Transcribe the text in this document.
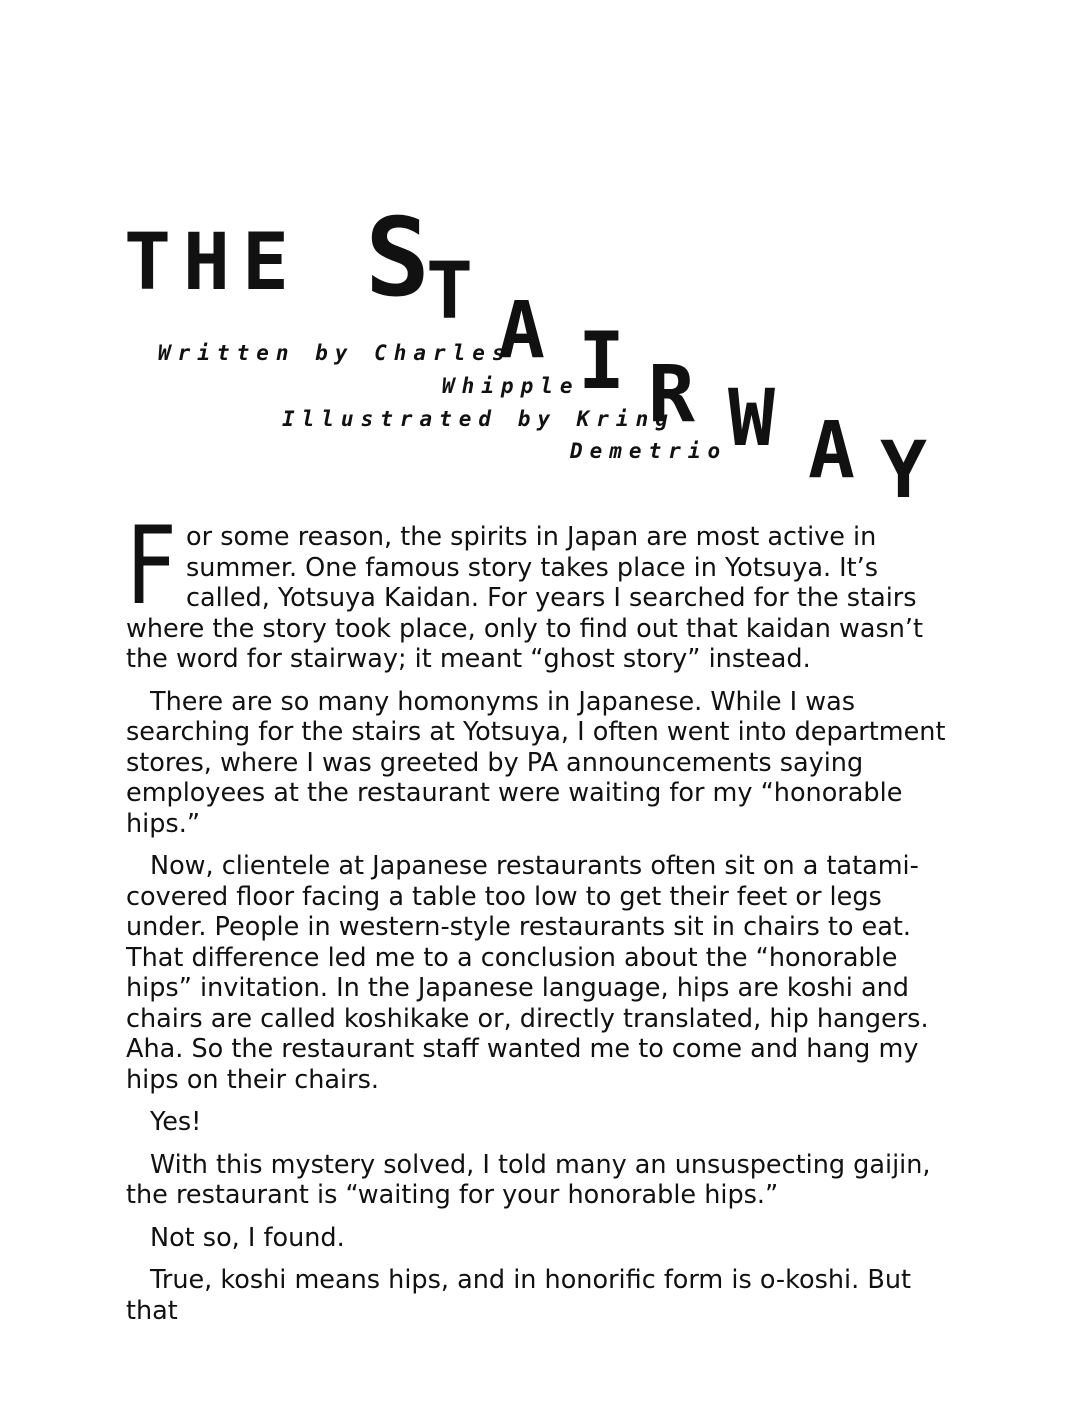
T H E S
T A I R W A Y
Written by Charles
Whipple
Illustrated by Kring
Demetrio

For some reason, the spirits in Japan are most active in summer. One famous story takes place in Yotsuya. It’s called, Yotsuya Kaidan. For years I searched for the stairs where the story took place, only to find out that kaidan wasn’t the word for stairway; it meant “ghost story” instead.

There are so many homonyms in Japanese. While I was searching for the stairs at Yotsuya, I often went into department stores, where I was greeted by PA announcements saying employees at the restaurant were waiting for my “honorable hips.”

Now, clientele at Japanese restaurants often sit on a tatami-covered floor facing a table too low to get their feet or legs under. People in western-style restaurants sit in chairs to eat. That difference led me to a conclusion about the “honorable hips” invitation. In the Japanese language, hips are koshi and chairs are called koshikake or, directly translated, hip hangers. Aha. So the restaurant staff wanted me to come and hang my hips on their chairs.

Yes!

With this mystery solved, I told many an unsuspecting gaijin, the restaurant is “waiting for your honorable hips.”

Not so, I found.

True, koshi means hips, and in honorific form is o-koshi. But that
